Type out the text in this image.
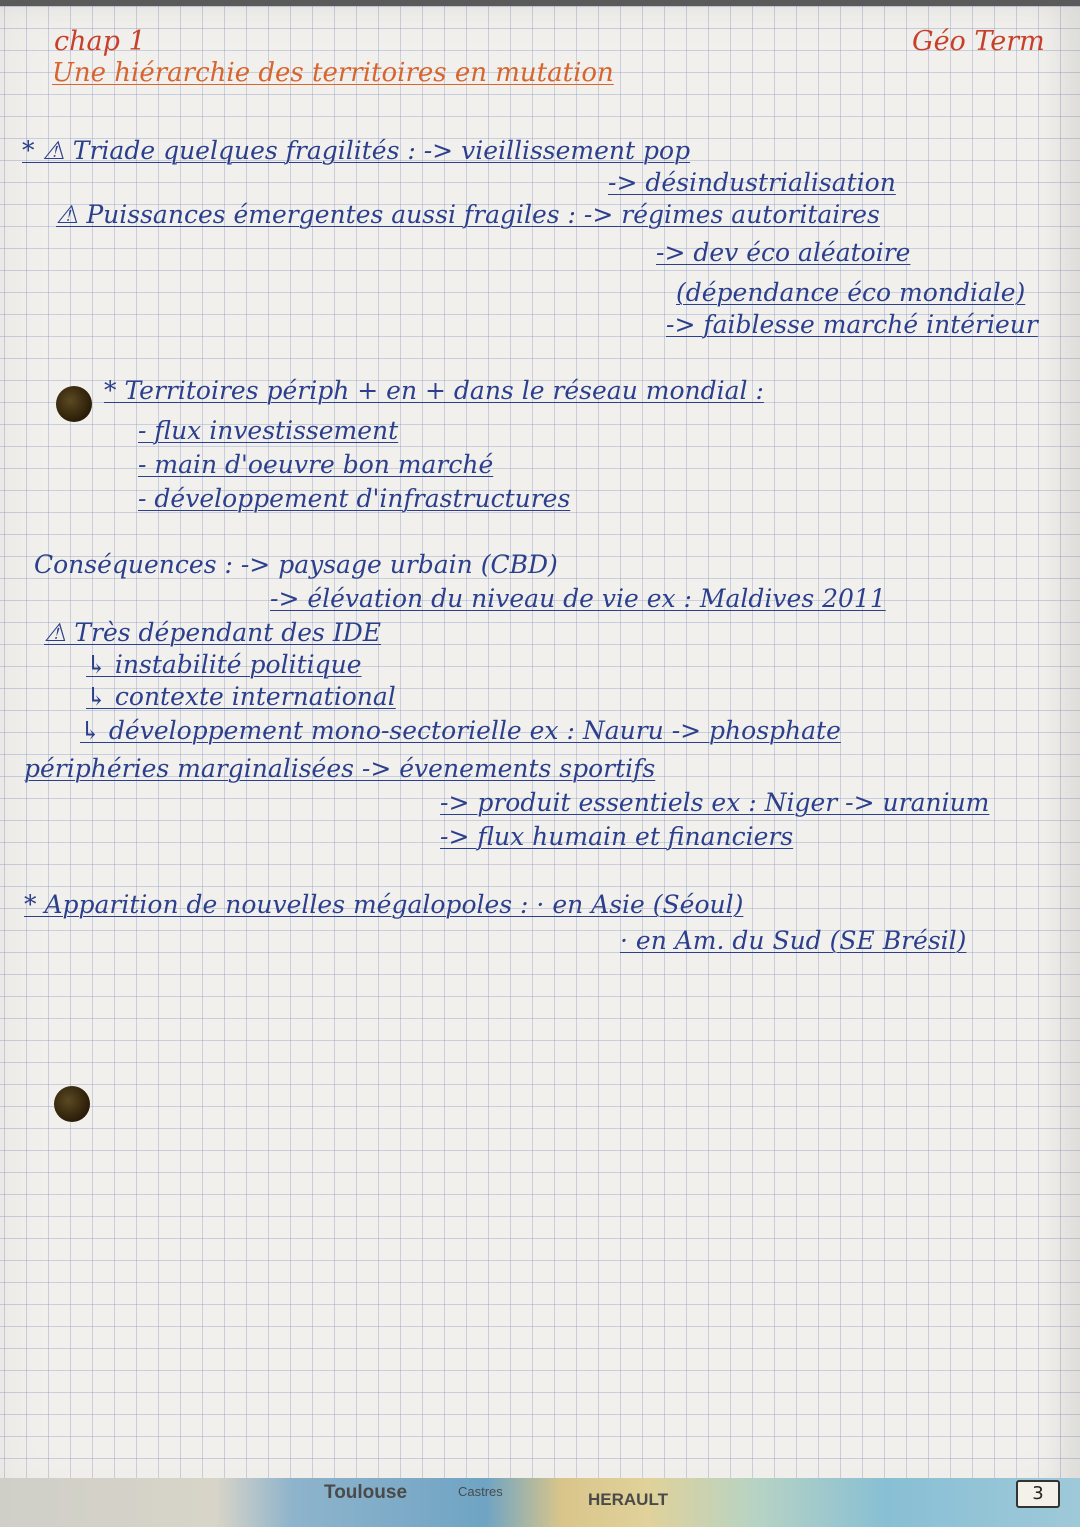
chap 1
Une hiérarchie des territoires en mutation
Géo Term
* ⚠ Triade quelques fragilités : -> vieillissement pop
-> désindustrialisation
⚠ Puissances émergentes aussi fragiles : -> régimes autoritaires
-> dev éco aléatoire
(dépendance éco mondiale)
-> faiblesse marché intérieur
* Territoires périph + en + dans le réseau mondial :
- flux investissement
- main d'oeuvre bon marché
- développement d'infrastructures
Conséquences : -> paysage urbain (CBD)
-> élévation du niveau de vie ex : Maldives 2011
⚠ Très dépendant des IDE
↳ instabilité politique
↳ contexte international
↳ développement mono-sectorielle ex : Nauru -> phosphate
périphéries marginalisées -> évenements sportifs
-> produit essentiels ex : Niger -> uranium
-> flux humain et financiers
* Apparition de nouvelles mégalopoles : · en Asie (Séoul)
· en Am. du Sud (SE Brésil)
Toulouse	Castres	HERAULT	3
